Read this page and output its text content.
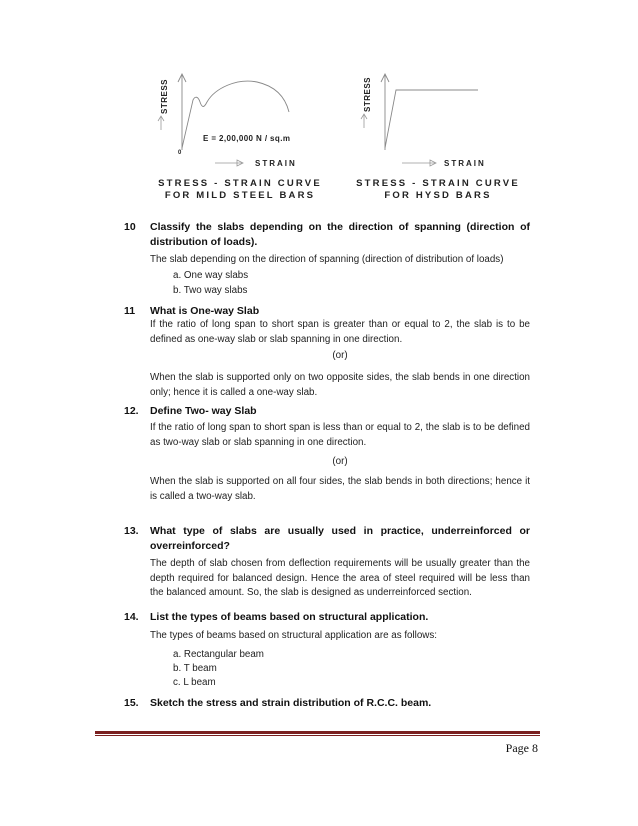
STRESS
E = 2,00,000 N / sq.m
0
STRAIN
STRESS - STRAIN CURVE
FOR MILD STEEL BARS
STRESS
STRAIN
STRESS - STRAIN CURVE
FOR HYSD BARS
10 Classify the slabs depending on the direction of spanning (direction of distribution of loads).
The slab depending on the direction of spanning (direction of distribution of loads)
a. One way slabs
b. Two way slabs
11 What is One-way Slab
If the ratio of long span to short span is greater than or equal to 2, the slab is to be defined as one-way slab or slab spanning in one direction.
(or)
When the slab is supported only on two opposite sides, the slab bends in one direction only; hence it is called a one-way slab.
12. Define Two- way Slab
If the ratio of long span to short span is less than or equal to 2, the slab is to be defined as two-way slab or slab spanning in one direction.
(or)
When the slab is supported on all four sides, the slab bends in both directions; hence it is called a two-way slab.
13. What type of slabs are usually used in practice, underreinforced or overreinforced?
The depth of slab chosen from deflection requirements will be usually greater than the depth required for balanced design. Hence the area of steel required will be less than the balanced amount. So, the slab is designed as underreinforced section.
14. List the types of beams based on structural application.
The types of beams based on structural application are as follows:
a. Rectangular beam
b. T beam
c. L beam
15. Sketch the stress and strain distribution of R.C.C. beam.
Page 8
